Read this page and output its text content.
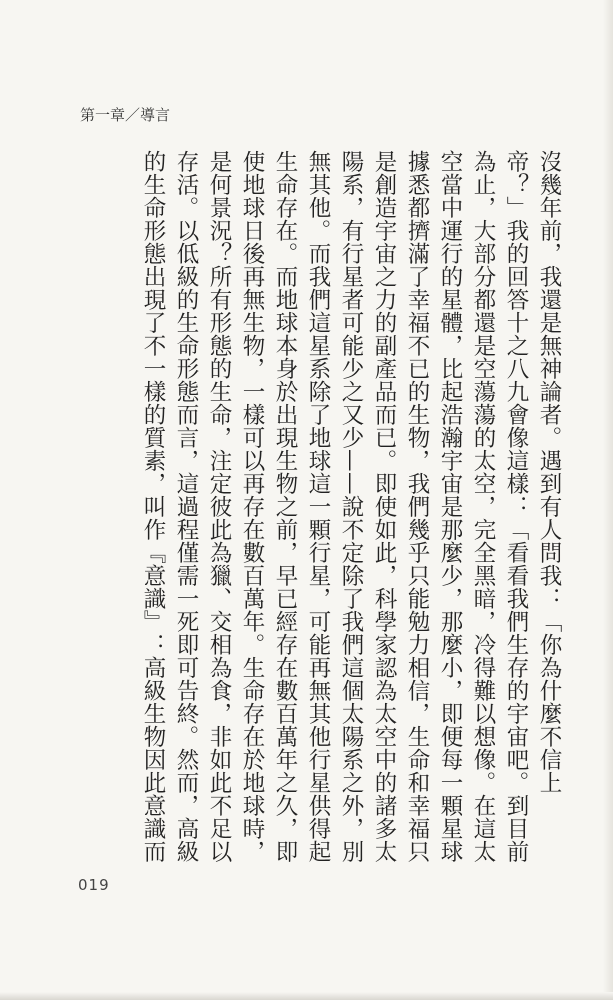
第一章／導言
沒幾年前，我還是無神論者。遇到有人問我：「你為什麼不信上
帝？」我的回答十之八九會像這樣：「看看我們生存的宇宙吧。到目前
為止，大部分都還是空蕩蕩的太空，完全黑暗，冷得難以想像。在這太
空當中運行的星體，比起浩瀚宇宙是那麼少，那麼小，即便每一顆星球
據悉都擠滿了幸福不已的生物，我們幾乎只能勉力相信，生命和幸福只
是創造宇宙之力的副產品而已。即使如此，科學家認為太空中的諸多太
陽系，有行星者可能少之又少——說不定除了我們這個太陽系之外，別
無其他。而我們這星系除了地球這一顆行星，可能再無其他行星供得起
生命存在。而地球本身於出現生物之前，早已經存在數百萬年之久，即
使地球日後再無生物，一樣可以再存在數百萬年。生命存在於地球時，
是何景況？所有形態的生命，注定彼此為獵、交相為食，非如此不足以
存活。以低級的生命形態而言，這過程僅需一死即可告終。然而，高級
的生命形態出現了不一樣的質素，叫作『意識』：高級生物因此意識而
019
